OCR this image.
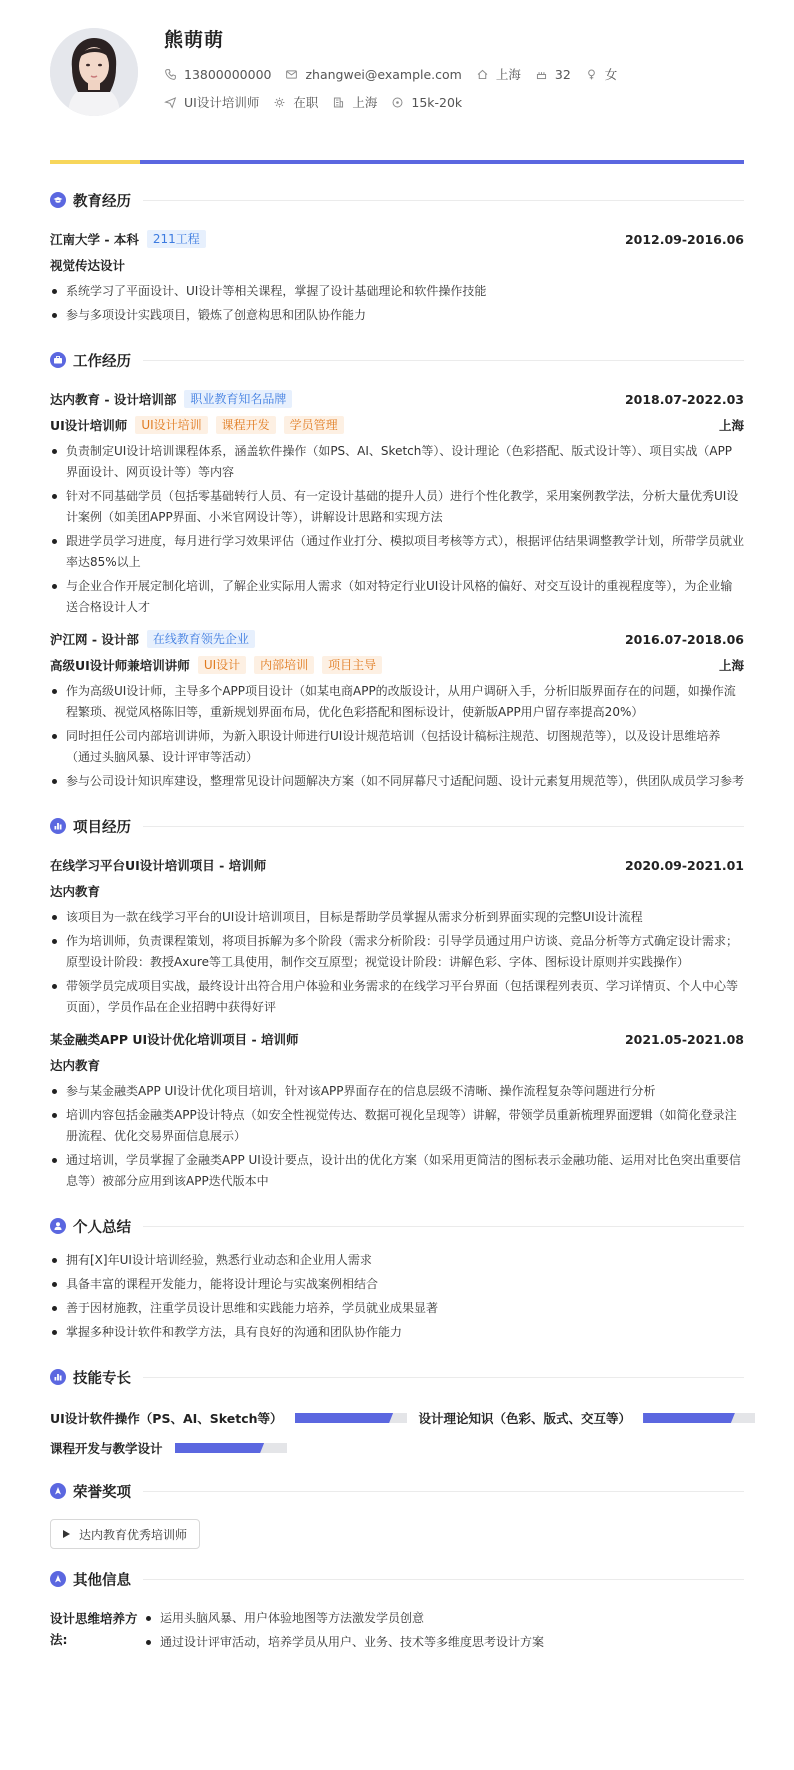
熊萌萌
13800000000	zhangwei@example.com	上海	32	女
UI设计培训师	在职	上海	15k-20k
教育经历
江南大学 - 本科	211工程	2012.09-2016.06
视觉传达设计
系统学习了平面设计、UI设计等相关课程，掌握了设计基础理论和软件操作技能
参与多项设计实践项目，锻炼了创意构思和团队协作能力
工作经历
达内教育 - 设计培训部	职业教育知名品牌	2018.07-2022.03
UI设计培训师	UI设计培训	课程开发	学员管理	上海
负责制定UI设计培训课程体系，涵盖软件操作（如PS、AI、Sketch等）、设计理论（色彩搭配、版式设计等）、项目实战（APP界面设计、网页设计等）等内容
针对不同基础学员（包括零基础转行人员、有一定设计基础的提升人员）进行个性化教学，采用案例教学法，分析大量优秀UI设计案例（如美团APP界面、小米官网设计等），讲解设计思路和实现方法
跟进学员学习进度，每月进行学习效果评估（通过作业打分、模拟项目考核等方式），根据评估结果调整教学计划，所带学员就业率达85%以上
与企业合作开展定制化培训，了解企业实际用人需求（如对特定行业UI设计风格的偏好、对交互设计的重视程度等），为企业输送合格设计人才
沪江网 - 设计部	在线教育领先企业	2016.07-2018.06
高级UI设计师兼培训讲师	UI设计	内部培训	项目主导	上海
作为高级UI设计师，主导多个APP项目设计（如某电商APP的改版设计，从用户调研入手，分析旧版界面存在的问题，如操作流程繁琐、视觉风格陈旧等，重新规划界面布局，优化色彩搭配和图标设计，使新版APP用户留存率提高20%）
同时担任公司内部培训讲师，为新入职设计师进行UI设计规范培训（包括设计稿标注规范、切图规范等），以及设计思维培养（通过头脑风暴、设计评审等活动）
参与公司设计知识库建设，整理常见设计问题解决方案（如不同屏幕尺寸适配问题、设计元素复用规范等），供团队成员学习参考
项目经历
在线学习平台UI设计培训项目 - 培训师	2020.09-2021.01
达内教育
该项目为一款在线学习平台的UI设计培训项目，目标是帮助学员掌握从需求分析到界面实现的完整UI设计流程
作为培训师，负责课程策划，将项目拆解为多个阶段（需求分析阶段：引导学员通过用户访谈、竞品分析等方式确定设计需求；原型设计阶段：教授Axure等工具使用，制作交互原型；视觉设计阶段：讲解色彩、字体、图标设计原则并实践操作）
带领学员完成项目实战，最终设计出符合用户体验和业务需求的在线学习平台界面（包括课程列表页、学习详情页、个人中心等页面），学员作品在企业招聘中获得好评
某金融类APP UI设计优化培训项目 - 培训师	2021.05-2021.08
达内教育
参与某金融类APP UI设计优化项目培训，针对该APP界面存在的信息层级不清晰、操作流程复杂等问题进行分析
培训内容包括金融类APP设计特点（如安全性视觉传达、数据可视化呈现等）讲解，带领学员重新梳理界面逻辑（如简化登录注册流程、优化交易界面信息展示）
通过培训，学员掌握了金融类APP UI设计要点，设计出的优化方案（如采用更简洁的图标表示金融功能、运用对比色突出重要信息等）被部分应用到该APP迭代版本中
个人总结
拥有[X]年UI设计培训经验，熟悉行业动态和企业用人需求
具备丰富的课程开发能力，能将设计理论与实战案例相结合
善于因材施教，注重学员设计思维和实践能力培养，学员就业成果显著
掌握多种设计软件和教学方法，具有良好的沟通和团队协作能力
技能专长
UI设计软件操作（PS、AI、Sketch等）	设计理论知识（色彩、版式、交互等）
课程开发与教学设计
荣誉奖项
达内教育优秀培训师
其他信息
设计思维培养方法:
运用头脑风暴、用户体验地图等方法激发学员创意
通过设计评审活动，培养学员从用户、业务、技术等多维度思考设计方案
